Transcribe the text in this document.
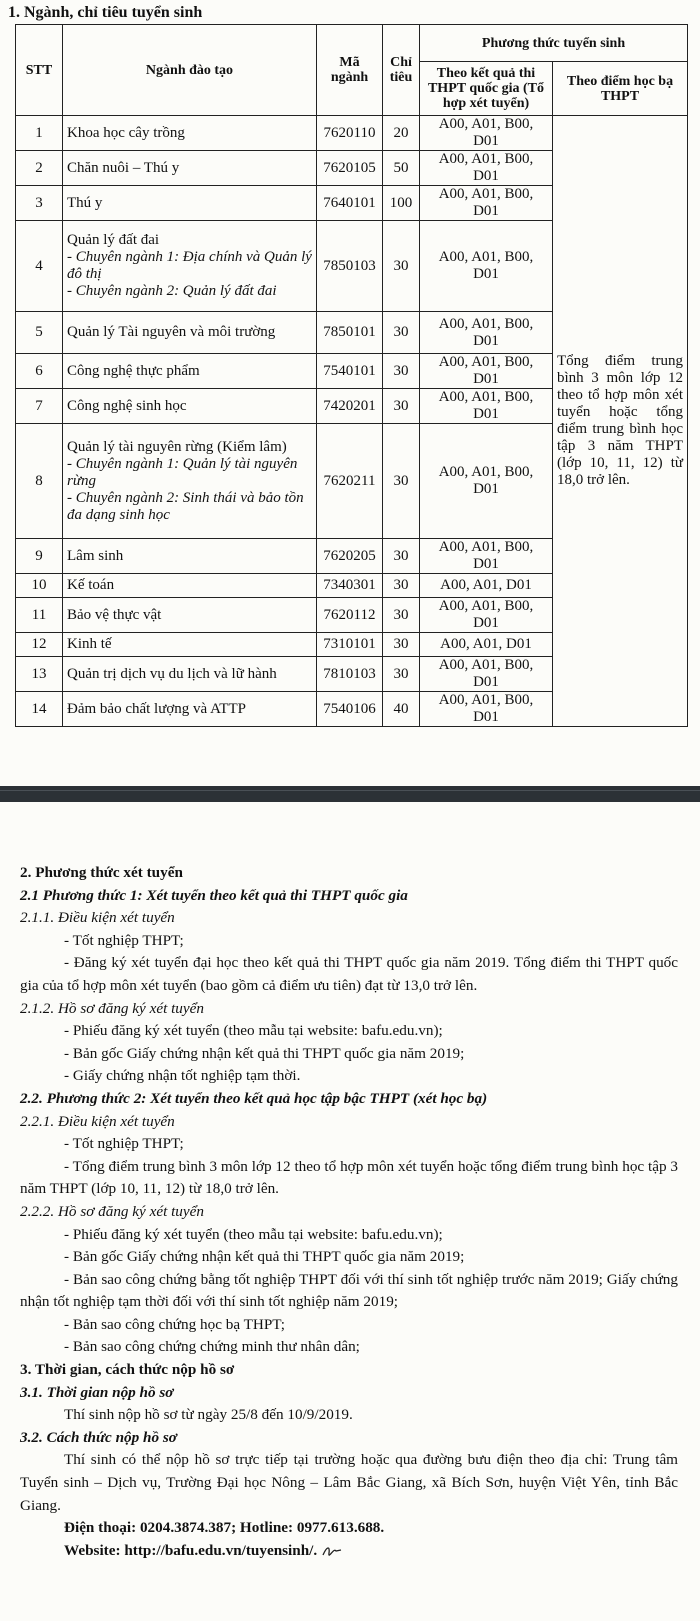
1. Ngành, chỉ tiêu tuyển sinh
STT	Ngành đào tạo	Mã ngành	Chỉ tiêu	Phương thức tuyển sinh	
				Theo kết quả thi THPT quốc gia (Tổ hợp xét tuyển)	Theo điểm học bạ THPT
1	Khoa học cây trồng	7620110	20	A00, A01, B00, D01	Tổng điểm trung bình 3 môn lớp 12 theo tổ hợp môn xét tuyển hoặc tổng điểm trung bình học tập 3 năm THPT (lớp 10, 11, 12) từ 18,0 trở lên.
2	Chăn nuôi – Thú y	7620105	50	A00, A01, B00, D01	
3	Thú y	7640101	100	A00, A01, B00, D01	
4	Quản lý đất đai
- Chuyên ngành 1: Địa chính và Quản lý đô thị
- Chuyên ngành 2: Quản lý đất đai	7850103	30	A00, A01, B00, D01	
5	Quản lý Tài nguyên và môi trường	7850101	30	A00, A01, B00, D01	
6	Công nghệ thực phẩm	7540101	30	A00, A01, B00, D01	
7	Công nghệ sinh học	7420201	30	A00, A01, B00, D01	
8	Quản lý tài nguyên rừng (Kiểm lâm)
- Chuyên ngành 1: Quản lý tài nguyên rừng
- Chuyên ngành 2: Sinh thái và bảo tồn đa dạng sinh học	7620211	30	A00, A01, B00, D01	
9	Lâm sinh	7620205	30	A00, A01, B00, D01	
10	Kế toán	7340301	30	A00, A01, D01	
11	Bảo vệ thực vật	7620112	30	A00, A01, B00, D01	
12	Kinh tế	7310101	30	A00, A01, D01	
13	Quản trị dịch vụ du lịch và lữ hành	7810103	30	A00, A01, B00, D01	
14	Đảm bảo chất lượng và ATTP	7540106	40	A00, A01, B00, D01	

2. Phương thức xét tuyển

2.1 Phương thức 1: Xét tuyển theo kết quả thi THPT quốc gia

2.1.1. Điều kiện xét tuyển

- Tốt nghiệp THPT;

- Đăng ký xét tuyển đại học theo kết quả thi THPT quốc gia năm 2019. Tổng điểm thi THPT quốc gia của tổ hợp môn xét tuyển (bao gồm cả điểm ưu tiên) đạt từ 13,0 trở lên.

2.1.2. Hồ sơ đăng ký xét tuyển

- Phiếu đăng ký xét tuyển (theo mẫu tại website: bafu.edu.vn);

- Bản gốc Giấy chứng nhận kết quả thi THPT quốc gia năm 2019;

- Giấy chứng nhận tốt nghiệp tạm thời.

2.2. Phương thức 2: Xét tuyển theo kết quả học tập bậc THPT (xét học bạ)

2.2.1. Điều kiện xét tuyển

- Tốt nghiệp THPT;

- Tổng điểm trung bình 3 môn lớp 12 theo tổ hợp môn xét tuyển hoặc tổng điểm trung bình học tập 3 năm THPT (lớp 10, 11, 12) từ 18,0 trở lên.

2.2.2. Hồ sơ đăng ký xét tuyển

- Phiếu đăng ký xét tuyển (theo mẫu tại website: bafu.edu.vn);

- Bản gốc Giấy chứng nhận kết quả thi THPT quốc gia năm 2019;

- Bản sao công chứng bằng tốt nghiệp THPT đối với thí sinh tốt nghiệp trước năm 2019; Giấy chứng nhận tốt nghiệp tạm thời đối với thí sinh tốt nghiệp năm 2019;

- Bản sao công chứng học bạ THPT;

- Bản sao công chứng chứng minh thư nhân dân;

3. Thời gian, cách thức nộp hồ sơ

3.1. Thời gian nộp hồ sơ

Thí sinh nộp hồ sơ từ ngày 25/8 đến 10/9/2019.

3.2. Cách thức nộp hồ sơ

Thí sinh có thể nộp hồ sơ trực tiếp tại trường hoặc qua đường bưu điện theo địa chỉ: Trung tâm Tuyển sinh – Dịch vụ, Trường Đại học Nông – Lâm Bắc Giang, xã Bích Sơn, huyện Việt Yên, tỉnh Bắc Giang.

Điện thoại: 0204.3874.387; Hotline: 0977.613.688.

Website: http://bafu.edu.vn/tuyensinh/.
